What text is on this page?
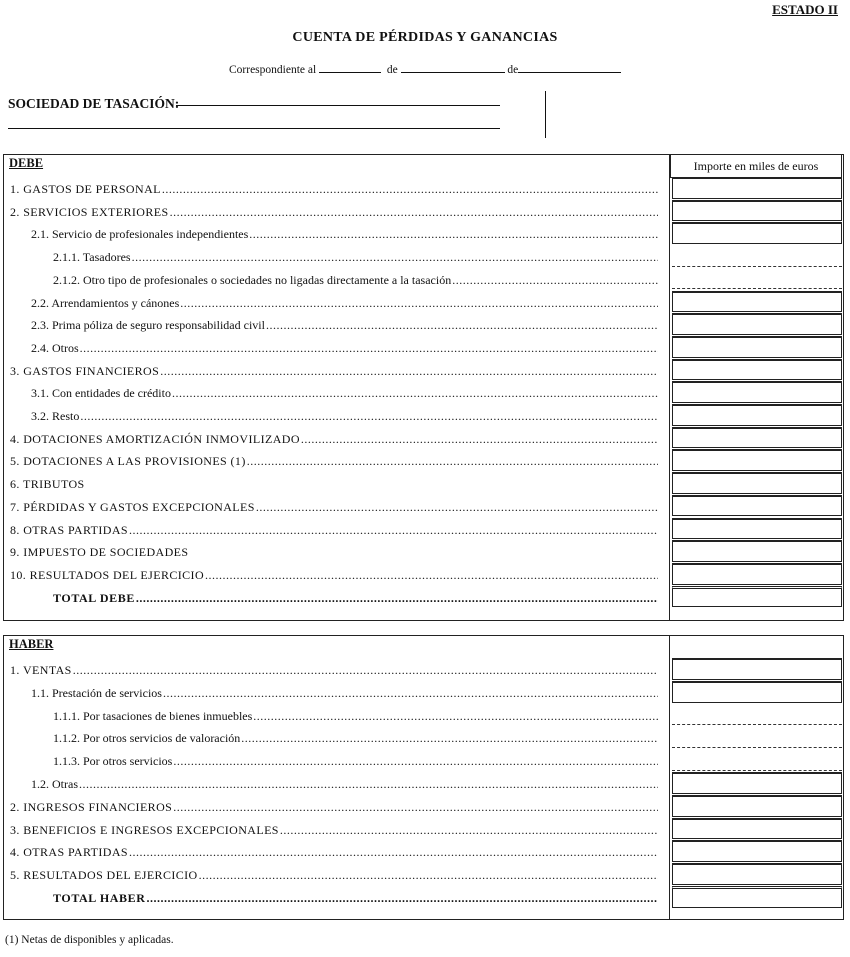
ESTADO II
CUENTA DE PÉRDIDAS Y GANANCIAS
Correspondiente al	de	de
SOCIEDAD DE TASACIÓN:
Importe en miles de euros
DEBE
1. GASTOS DE PERSONAL
.....
2. SERVICIOS EXTERIORES
.....
2.1. Servicio de profesionales independientes
.....
2.1.1. Tasadores
.....
2.1.2. Otro tipo de profesionales o sociedades no ligadas directamente a la tasación
.....
2.2. Arrendamientos y cánones
.....
2.3. Prima póliza de seguro responsabilidad civil
.....
2.4. Otros
.....
3. GASTOS FINANCIEROS
.....
3.1. Con entidades de crédito
.....
3.2. Resto
.....
4. DOTACIONES AMORTIZACIÓN INMOVILIZADO
.....
5. DOTACIONES A LAS PROVISIONES (1)
.....
6. TRIBUTOS
7. PÉRDIDAS Y GASTOS EXCEPCIONALES
.....
8. OTRAS PARTIDAS
.....
9. IMPUESTO DE SOCIEDADES
10. RESULTADOS DEL EJERCICIO
.....
TOTAL DEBE
.....
HABER
1. VENTAS
.....
1.1. Prestación de servicios
.....
1.1.1. Por tasaciones de bienes inmuebles
.....
1.1.2. Por otros servicios de valoración
.....
1.1.3. Por otros servicios
.....
1.2. Otras
.....
2. INGRESOS FINANCIEROS
.....
3. BENEFICIOS E INGRESOS EXCEPCIONALES
.....
4. OTRAS PARTIDAS
.....
5. RESULTADOS DEL EJERCICIO
.....
TOTAL HABER
.....
(1) Netas de disponibles y aplicadas.
